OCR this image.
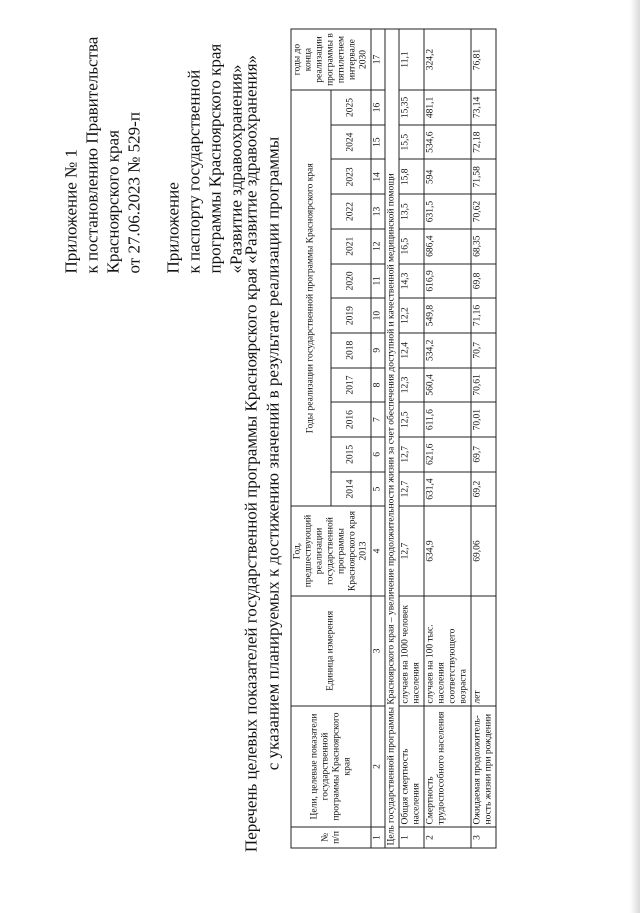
Приложение № 1 к постановлению Правительства Красноярского края от 27.06.2023 № 529-п Приложение к паспорту государственной программы Красноярского края «Развитие здравоохранения»
Перечень целевых показателей государственной программы Красноярского края «Развитие здравоохранения» с указанием планируемых к достижению значений в результате реализации программы
№ п/п	Цели, целевые показатели государственной программы Красноярского края	Единица измерения	Год, предшествующий реализации государственной программы Красноярского края 2013	Годы реализации государственной программы Красноярского края												годы до конца реализации программы в пятилетнем интервале 2030
				2014	2015	2016	2017	2018	2019	2020	2021	2022	2023	2024	2025	
1	2	3	4	5	6	7	8	9	10	11	12	13	14	15	16	17
Цель государственной программы Красноярского края – увеличение продолжительности жизни за счет обеспечения доступной и качественной медицинской помощи																
1	Общая смертность населения	случаев на 1000 человек населения	12,7	12,7	12,7	12,5	12,3	12,4	12,2	14,3	16,5	13,5	15,8	15,5	15,35	11,1
2	Смертность трудоспособного населения	случаев на 100 тыс. населения соответствующего возраста	634,9	631,4	621,6	611,6	560,4	534,2	549,8	616,9	686,4	631,5	594	534,6	481,1	324,2
3	Ожидаемая продолжитель-ность жизни при рождении	лет	69,06	69,2	69,7	70,01	70,61	70,7	71,16	69,8	68,35	70,62	71,58	72,18	73,14	76,81
